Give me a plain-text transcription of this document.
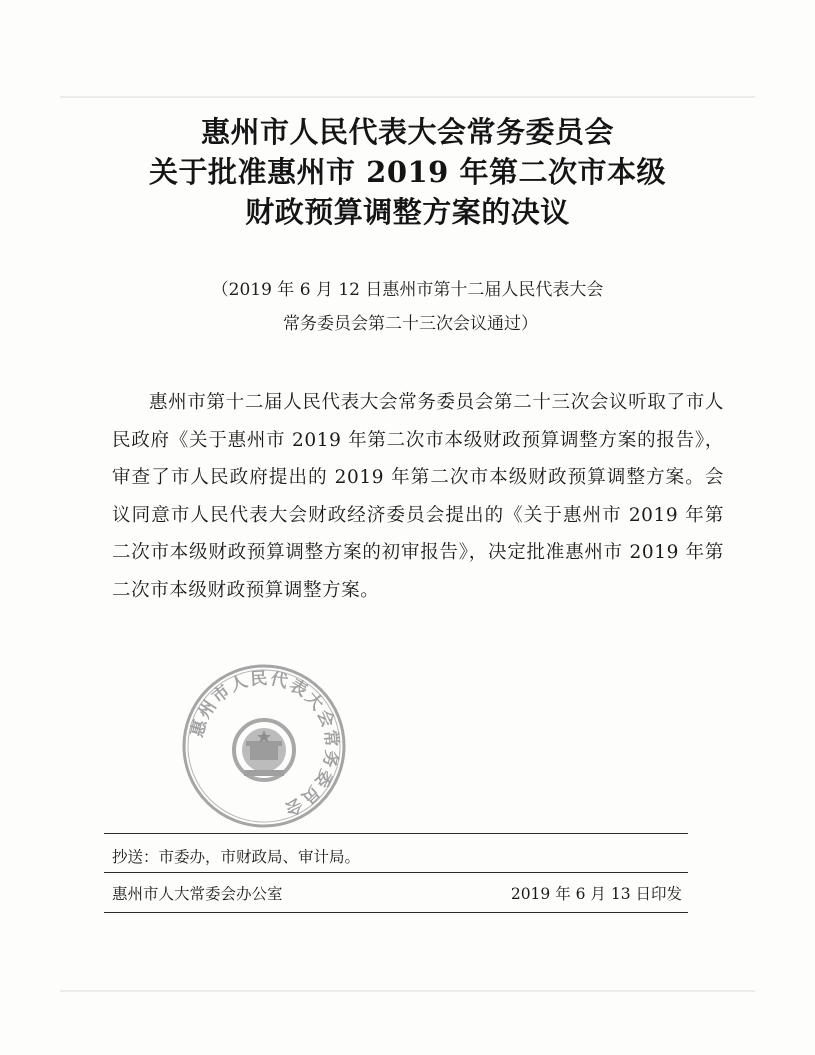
惠州市人民代表大会常务委员会
关于批准惠州市 2019 年第二次市本级
财政预算调整方案的决议
（2019 年 6 月 12 日惠州市第十二届人民代表大会
常务委员会第二十三次会议通过）
惠州市第十二届人民代表大会常务委员会第二十三次会议听取了市人民政府《关于惠州市 2019 年第二次市本级财政预算调整方案的报告》，审查了市人民政府提出的 2019 年第二次市本级财政预算调整方案。会议同意市人民代表大会财政经济委员会提出的《关于惠州市 2019 年第二次市本级财政预算调整方案的初审报告》，决定批准惠州市 2019 年第二次市本级财政预算调整方案。
惠州市人民代表大会常务委员会
抄送：市委办，市财政局、审计局。
惠州市人大常委会办公室	2019 年 6 月 13 日印发
